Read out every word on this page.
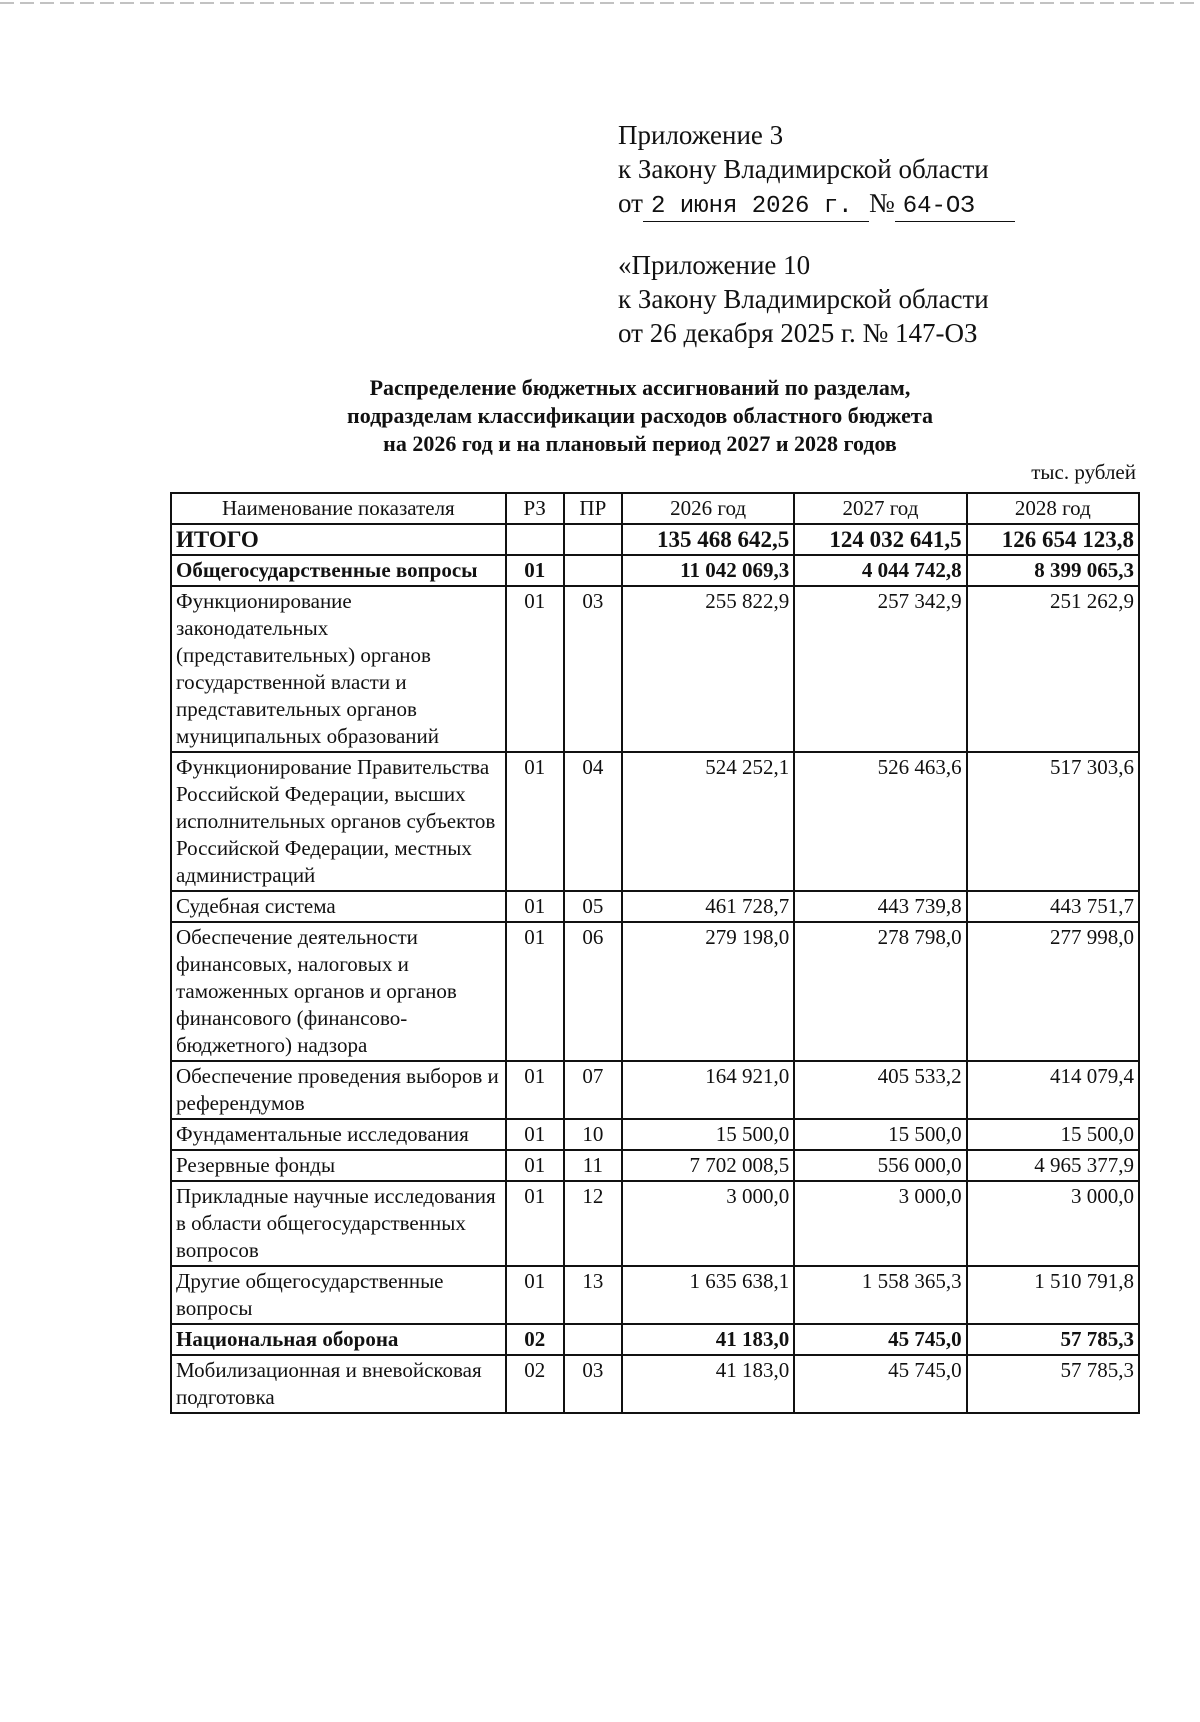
Приложение 3
к Закону Владимирской области
от 2 июня 2026 г. № 64-ОЗ
«Приложение 10
к Закону Владимирской области
от 26 декабря 2025 г. № 147-ОЗ
Распределение бюджетных ассигнований по разделам,
подразделам классификации расходов областного бюджета
на 2026 год и на плановый период 2027 и 2028 годов
тыс. рублей
Наименование показателя	РЗ	ПР	2026 год	2027 год	2028 год
ИТОГО			135 468 642,5	124 032 641,5	126 654 123,8
Общегосударственные вопросы	01		11 042 069,3	4 044 742,8	8 399 065,3
Функционирование законодательных (представительных) органов государственной власти и представительных органов муниципальных образований	01	03	255 822,9	257 342,9	251 262,9
Функционирование Правительства Российской Федерации, высших исполнительных органов субъектов Российской Федерации, местных администраций	01	04	524 252,1	526 463,6	517 303,6
Судебная система	01	05	461 728,7	443 739,8	443 751,7
Обеспечение деятельности финансовых, налоговых и таможенных органов и органов финансового (финансово-бюджетного) надзора	01	06	279 198,0	278 798,0	277 998,0
Обеспечение проведения выборов и референдумов	01	07	164 921,0	405 533,2	414 079,4
Фундаментальные исследования	01	10	15 500,0	15 500,0	15 500,0
Резервные фонды	01	11	7 702 008,5	556 000,0	4 965 377,9
Прикладные научные исследования в области общегосударственных вопросов	01	12	3 000,0	3 000,0	3 000,0
Другие общегосударственные вопросы	01	13	1 635 638,1	1 558 365,3	1 510 791,8
Национальная оборона	02		41 183,0	45 745,0	57 785,3
Мобилизационная и вневойсковая подготовка	02	03	41 183,0	45 745,0	57 785,3
